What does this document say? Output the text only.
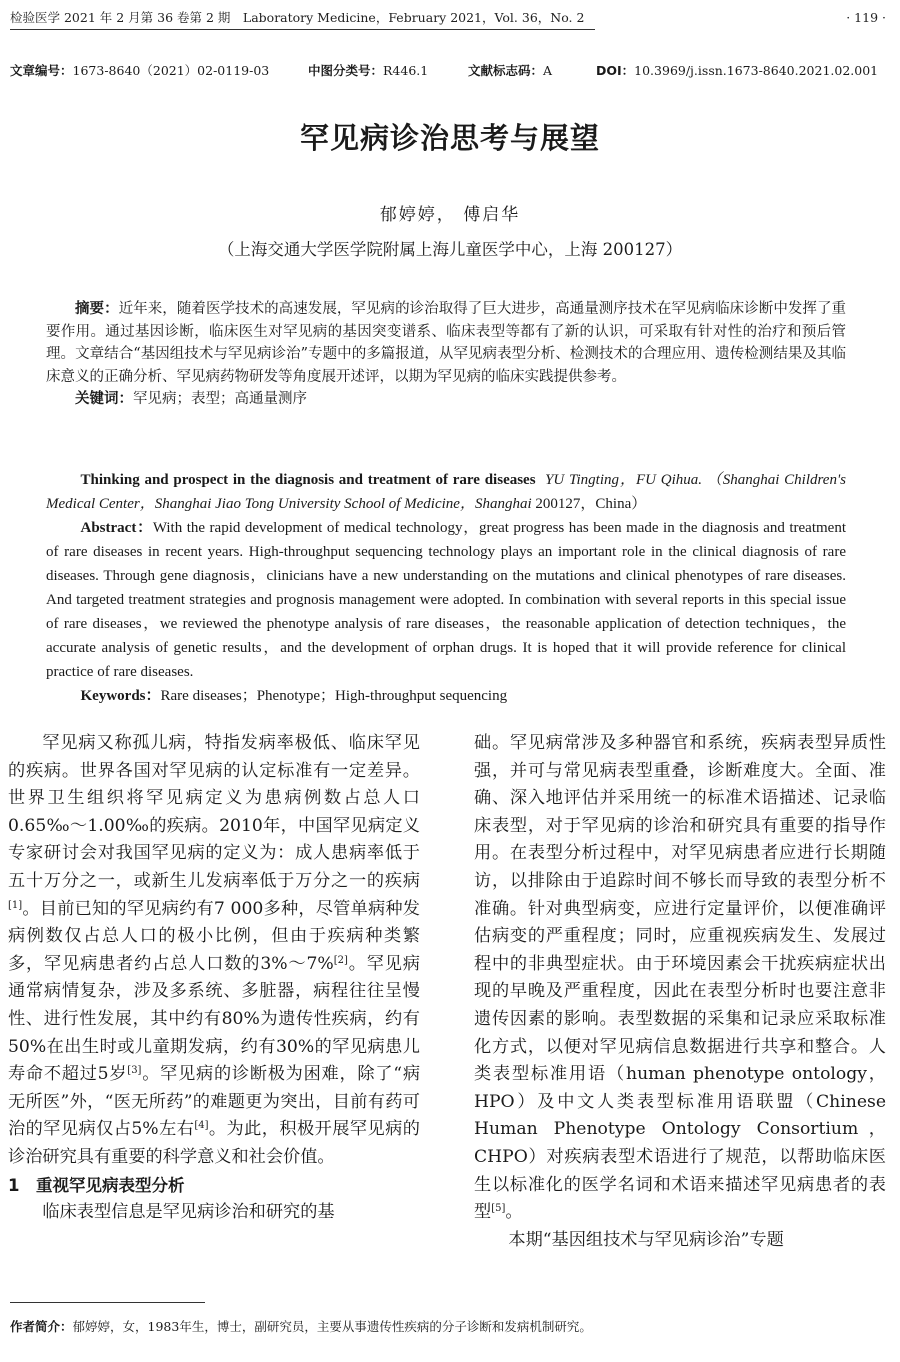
检验医学 2021 年 2 月第 36 卷第 2 期　Laboratory Medicine，February 2021，Vol. 36，No. 2	· 119 ·
文章编号：1673-8640（2021）02-0119-03	中图分类号：R446.1	文献标志码：A	DOI：10.3969/j.issn.1673-8640.2021.02.001
罕见病诊治思考与展望
郁婷婷， 傅启华
（上海交通大学医学院附属上海儿童医学中心，上海 200127）

摘要：近年来，随着医学技术的高速发展，罕见病的诊治取得了巨大进步，高通量测序技术在罕见病临床诊断中发挥了重要作用。通过基因诊断，临床医生对罕见病的基因突变谱系、临床表型等都有了新的认识，可采取有针对性的治疗和预后管理。文章结合“基因组技术与罕见病诊治”专题中的多篇报道，从罕见病表型分析、检测技术的合理应用、遗传检测结果及其临床意义的正确分析、罕见病药物研发等角度展开述评，以期为罕见病的临床实践提供参考。

关键词：罕见病；表型；高通量测序

Thinking and prospect in the diagnosis and treatment of rare diseases YU Tingting，FU Qihua. （Shanghai Children's Medical Center，Shanghai Jiao Tong University School of Medicine，Shanghai 200127，China）

Abstract：With the rapid development of medical technology，great progress has been made in the diagnosis and treatment of rare diseases in recent years. High-throughput sequencing technology plays an important role in the clinical diagnosis of rare diseases. Through gene diagnosis，clinicians have a new understanding on the mutations and clinical phenotypes of rare diseases. And targeted treatment strategies and prognosis management were adopted. In combination with several reports in this special issue of rare diseases，we reviewed the phenotype analysis of rare diseases，the reasonable application of detection techniques，the accurate analysis of genetic results，and the development of orphan drugs. It is hoped that it will provide reference for clinical practice of rare diseases.

Keywords：Rare diseases；Phenotype；High-throughput sequencing

罕见病又称孤儿病，特指发病率极低、临床罕见的疾病。世界各国对罕见病的认定标准有一定差异。世界卫生组织将罕见病定义为患病例数占总人口0.65‰～1.00‰的疾病。2010年，中国罕见病定义专家研讨会对我国罕见病的定义为：成人患病率低于五十万分之一，或新生儿发病率低于万分之一的疾病[1]。目前已知的罕见病约有7 000多种，尽管单病种发病例数仅占总人口的极小比例，但由于疾病种类繁多，罕见病患者约占总人口数的3%～7%[2]。罕见病通常病情复杂，涉及多系统、多脏器，病程往往呈慢性、进行性发展，其中约有80%为遗传性疾病，约有50%在出生时或儿童期发病，约有30%的罕见病患儿寿命不超过5岁[3]。罕见病的诊断极为困难，除了“病无所医”外，“医无所药”的难题更为突出，目前有药可治的罕见病仅占5%左右[4]。为此，积极开展罕见病的诊治研究具有重要的科学意义和社会价值。

1 重视罕见病表型分析

临床表型信息是罕见病诊治和研究的基

础。罕见病常涉及多种器官和系统，疾病表型异质性强，并可与常见病表型重叠，诊断难度大。全面、准确、深入地评估并采用统一的标准术语描述、记录临床表型，对于罕见病的诊治和研究具有重要的指导作用。在表型分析过程中，对罕见病患者应进行长期随访，以排除由于追踪时间不够长而导致的表型分析不准确。针对典型病变，应进行定量评价，以便准确评估病变的严重程度；同时，应重视疾病发生、发展过程中的非典型症状。由于环境因素会干扰疾病症状出现的早晚及严重程度，因此在表型分析时也要注意非遗传因素的影响。表型数据的采集和记录应采取标准化方式，以便对罕见病信息数据进行共享和整合。人类表型标准用语（human phenotype ontology，HPO）及中文人类表型标准用语联盟（Chinese Human Phenotype Ontology Consortium，CHPO）对疾病表型术语进行了规范，以帮助临床医生以标准化的医学名词和术语来描述罕见病患者的表型[5]。

本期“基因组技术与罕见病诊治”专题

作者简介：郁婷婷，女，1983年生，博士，副研究员，主要从事遗传性疾病的分子诊断和发病机制研究。
